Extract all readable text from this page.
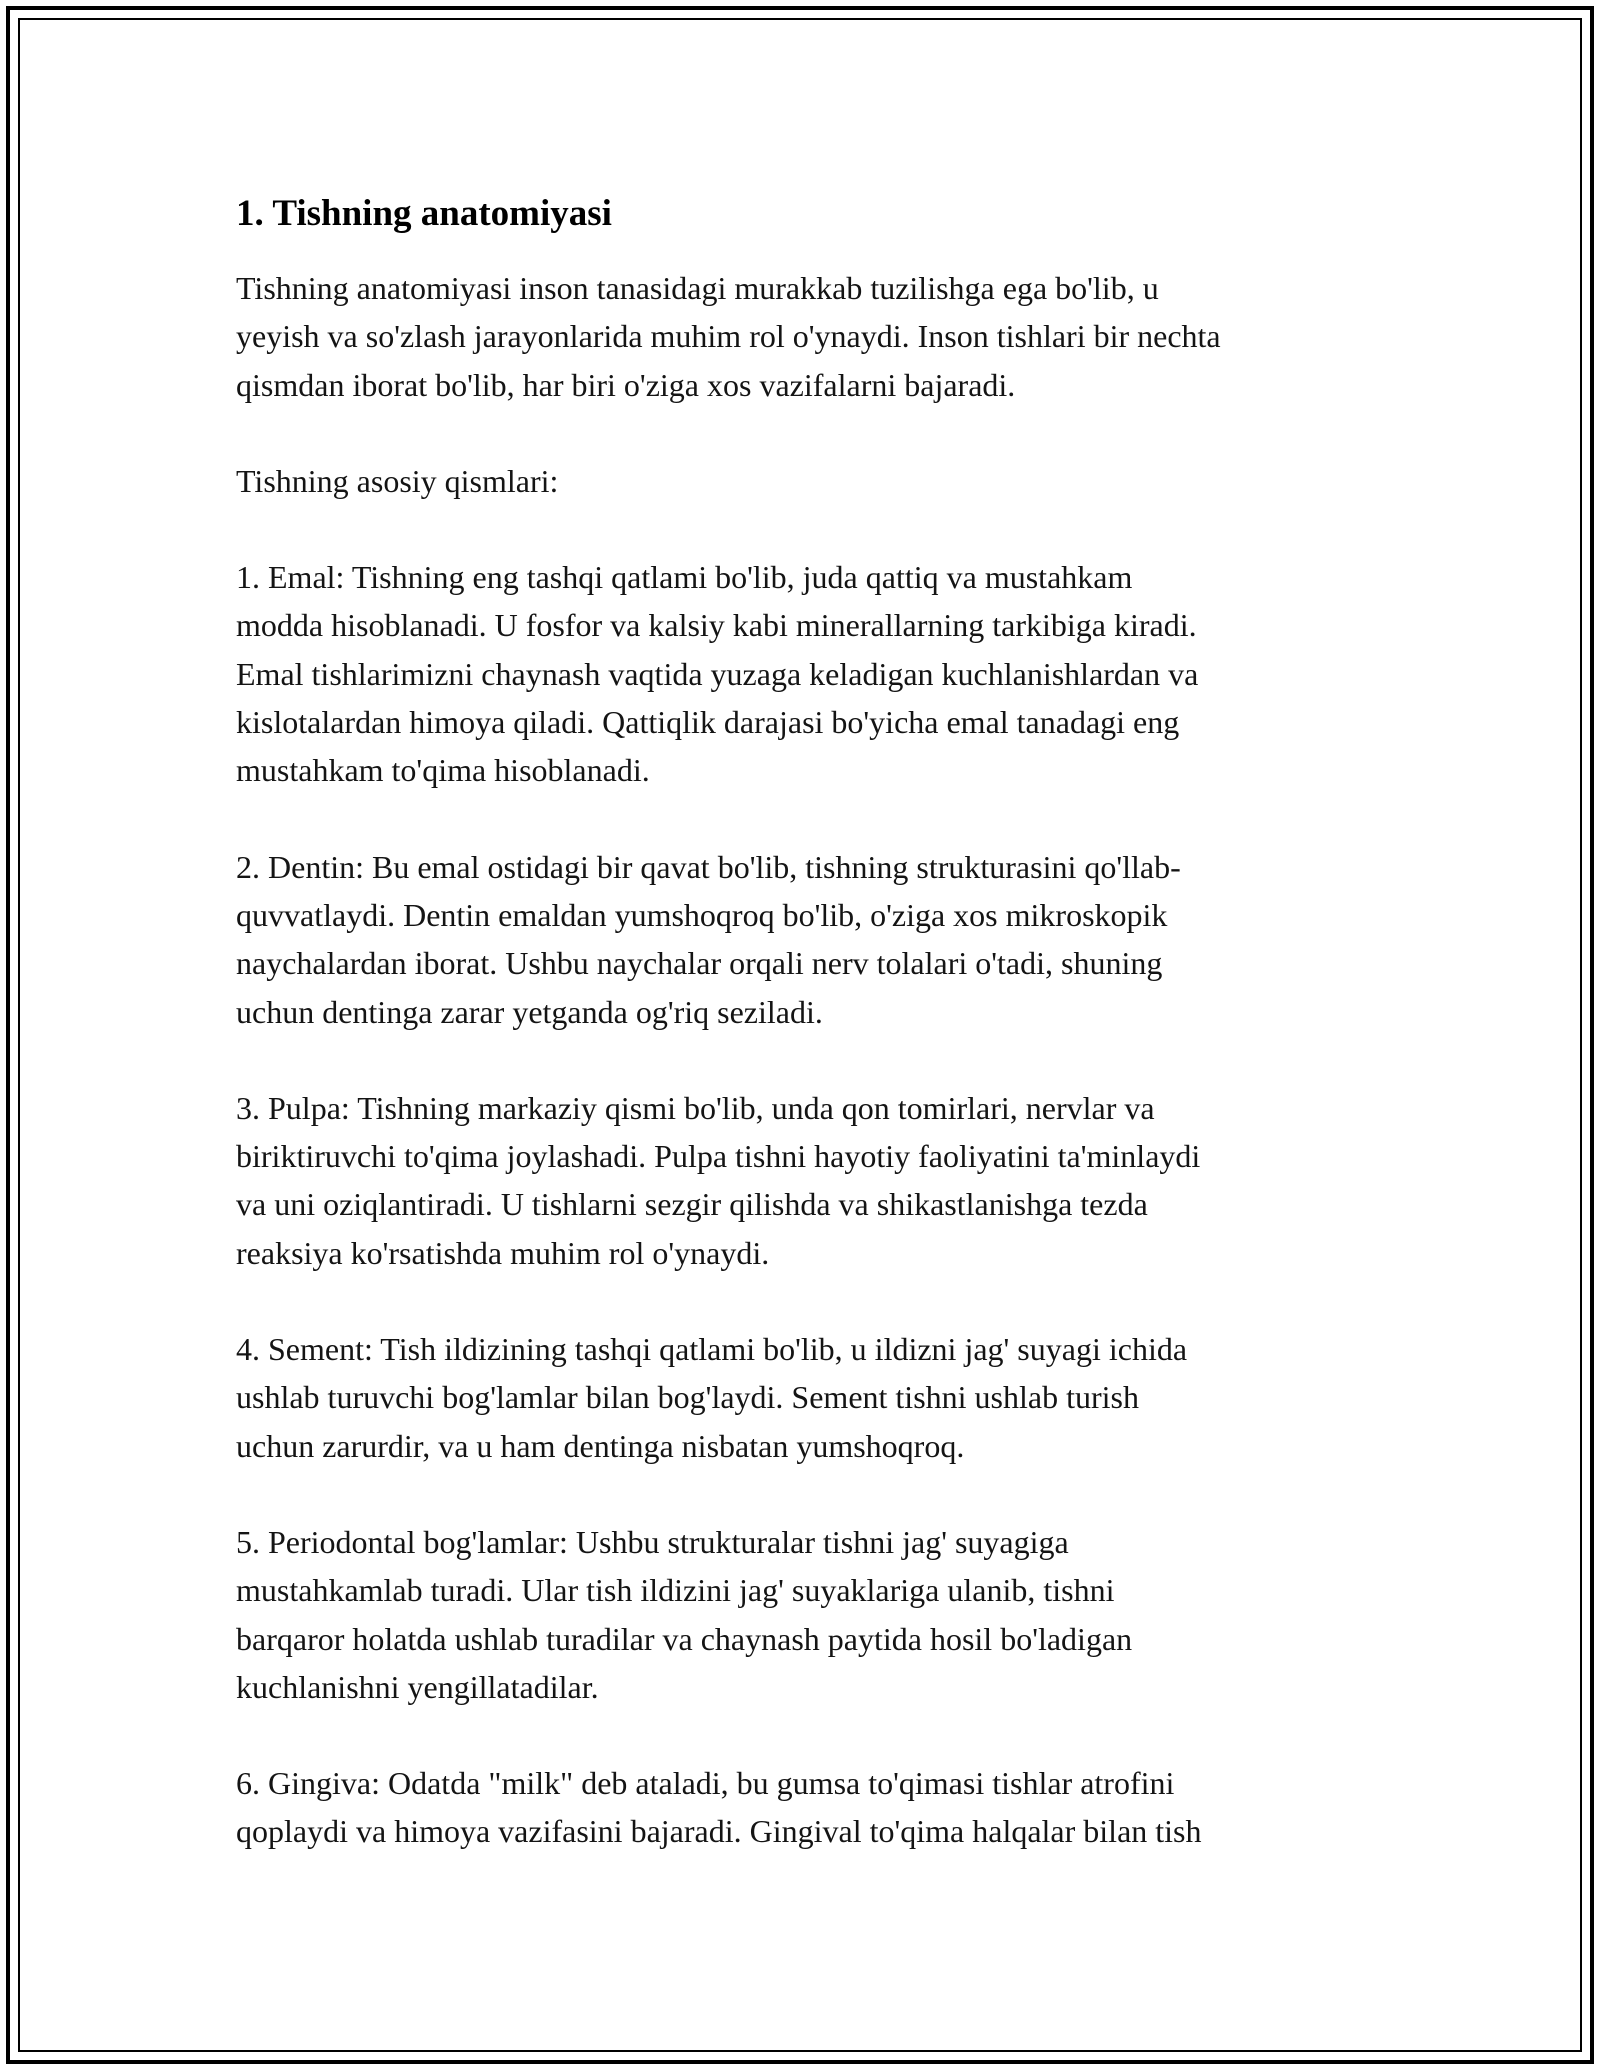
1. Tishning anatomiyasi

Tishning anatomiyasi inson tanasidagi murakkab tuzilishga ega bo'lib, u
yeyish va so'zlash jarayonlarida muhim rol o'ynaydi. Inson tishlari bir nechta
qismdan iborat bo'lib, har biri o'ziga xos vazifalarni bajaradi.

Tishning asosiy qismlari:

1. Emal: Tishning eng tashqi qatlami bo'lib, juda qattiq va mustahkam
modda hisoblanadi. U fosfor va kalsiy kabi minerallarning tarkibiga kiradi.
Emal tishlarimizni chaynash vaqtida yuzaga keladigan kuchlanishlardan va
kislotalardan himoya qiladi. Qattiqlik darajasi bo'yicha emal tanadagi eng
mustahkam to'qima hisoblanadi.

2. Dentin: Bu emal ostidagi bir qavat bo'lib, tishning strukturasini qo'llab-
quvvatlaydi. Dentin emaldan yumshoqroq bo'lib, o'ziga xos mikroskopik
naychalardan iborat. Ushbu naychalar orqali nerv tolalari o'tadi, shuning
uchun dentinga zarar yetganda og'riq seziladi.

3. Pulpa: Tishning markaziy qismi bo'lib, unda qon tomirlari, nervlar va
biriktiruvchi to'qima joylashadi. Pulpa tishni hayotiy faoliyatini ta'minlaydi
va uni oziqlantiradi. U tishlarni sezgir qilishda va shikastlanishga tezda
reaksiya ko'rsatishda muhim rol o'ynaydi.

4. Sement: Tish ildizining tashqi qatlami bo'lib, u ildizni jag' suyagi ichida
ushlab turuvchi bog'lamlar bilan bog'laydi. Sement tishni ushlab turish
uchun zarurdir, va u ham dentinga nisbatan yumshoqroq.

5. Periodontal bog'lamlar: Ushbu strukturalar tishni jag' suyagiga
mustahkamlab turadi. Ular tish ildizini jag' suyaklariga ulanib, tishni
barqaror holatda ushlab turadilar va chaynash paytida hosil bo'ladigan
kuchlanishni yengillatadilar.

6. Gingiva: Odatda "milk" deb ataladi, bu gumsa to'qimasi tishlar atrofini
qoplaydi va himoya vazifasini bajaradi. Gingival to'qima halqalar bilan tish
